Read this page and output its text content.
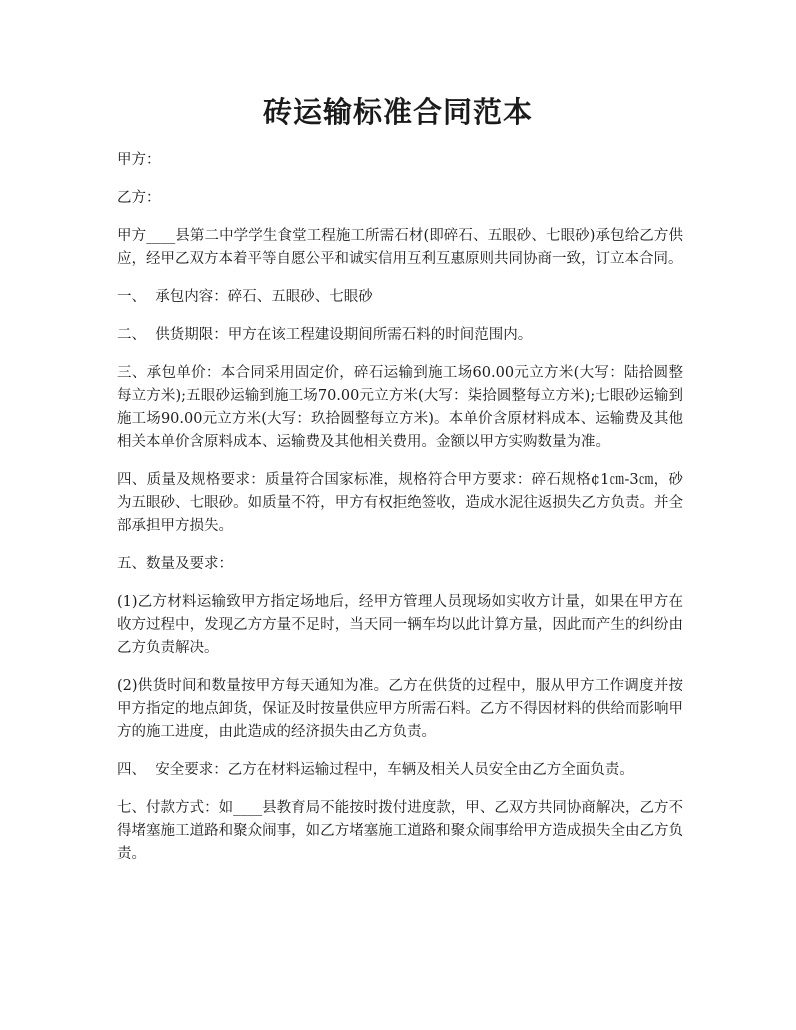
砖运输标准合同范本

甲方：

乙方：

甲方____县第二中学学生食堂工程施工所需石材(即碎石、五眼砂、七眼砂)承包给乙方供应，经甲乙双方本着平等自愿公平和诚实信用互利互惠原则共同协商一致，订立本合同。

一、  承包内容：碎石、五眼砂、七眼砂

二、  供货期限：甲方在该工程建设期间所需石料的时间范围内。

三、承包单价：本合同采用固定价，碎石运输到施工场60.00元立方米(大写：陆拾圆整每立方米);五眼砂运输到施工场70.00元立方米(大写：柒拾圆整每立方米);七眼砂运输到施工场90.00元立方米(大写：玖拾圆整每立方米)。本单价含原材料成本、运输费及其他相关本单价含原料成本、运输费及其他相关费用。金额以甲方实购数量为准。

四、质量及规格要求：质量符合国家标准，规格符合甲方要求：碎石规格¢1㎝-3㎝，砂为五眼砂、七眼砂。如质量不符，甲方有权拒绝签收，造成水泥往返损失乙方负责。并全部承担甲方损失。

五、数量及要求：

(1)乙方材料运输致甲方指定场地后，经甲方管理人员现场如实收方计量，如果在甲方在收方过程中，发现乙方方量不足时，当天同一辆车均以此计算方量，因此而产生的纠纷由乙方负责解决。

(2)供货时间和数量按甲方每天通知为准。乙方在供货的过程中，服从甲方工作调度并按甲方指定的地点卸货，保证及时按量供应甲方所需石料。乙方不得因材料的供给而影响甲方的施工进度，由此造成的经济损失由乙方负责。

四、  安全要求：乙方在材料运输过程中，车辆及相关人员安全由乙方全面负责。

七、付款方式：如____县教育局不能按时拨付进度款，甲、乙双方共同协商解决，乙方不得堵塞施工道路和聚众闹事，如乙方堵塞施工道路和聚众闹事给甲方造成损失全由乙方负责。
